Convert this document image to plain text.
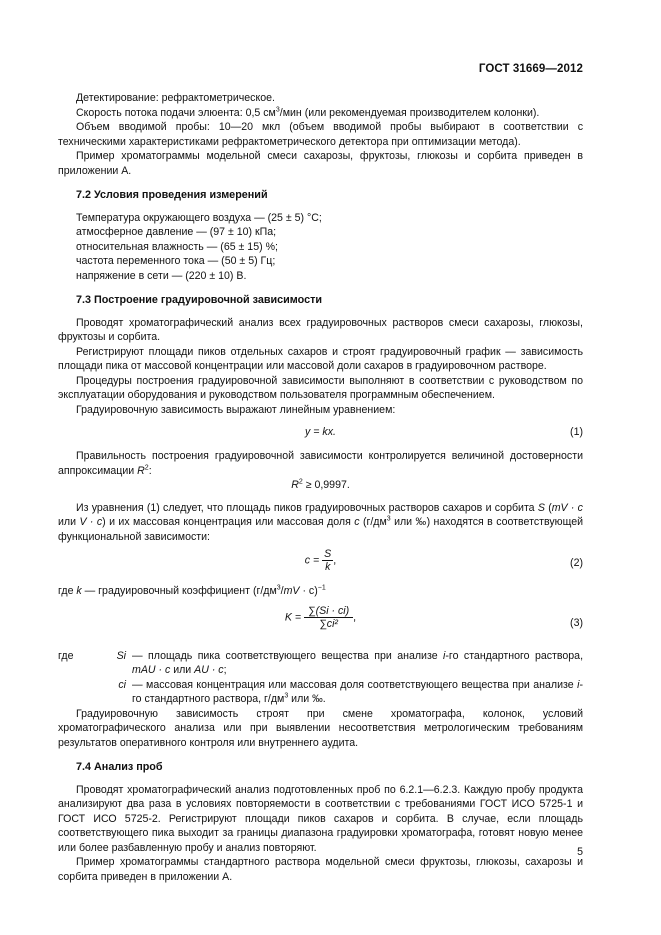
ГОСТ 31669—2012

Детектирование: рефрактометрическое.

Скорость потока подачи элюента: 0,5 $см^3$/мин (или рекомендуемая производителем колонки).

Объем вводимой пробы: 10—20 мкл (объем вводимой пробы выбирают в соответствии с техническими характеристиками рефрактометрического детектора при оптимизации метода).

Пример хроматограммы модельной смеси сахарозы, фруктозы, глюкозы и сорбита приведен в приложении А.

7.2 Условия проведения измерений

Температура окружающего воздуха — (25 ± 5) °С;

атмосферное давление — (97 ± 10) кПа;

относительная влажность — (65 ± 15) %;

частота переменного тока — (50 ± 5) Гц;

напряжение в сети — (220 ± 10) В.

7.3 Построение градуировочной зависимости

Проводят хроматографический анализ всех градуировочных растворов смеси сахарозы, глюкозы, фруктозы и сорбита.

Регистрируют площади пиков отдельных сахаров и строят градуировочный график — зависимость площади пика от массовой концентрации или массовой доли сахаров в градуировочном растворе.

Процедуры построения градуировочной зависимости выполняют в соответствии с руководством по эксплуатации оборудования и руководством пользователя программным обеспечением.

Градуировочную зависимость выражают линейным уравнением:

y = kx.	(1)

Правильность построения градуировочной зависимости контролируется величиной достоверности аппроксимации $R^2$:

$R^2 \ge 0,9997$.

Из уравнения (1) следует, что площадь пиков градуировочных растворов сахаров и сорбита S (mV · c или V · c) и их массовая концентрация или массовая доля c ($г/дм^3$ или ‰) находятся в соответствующей функциональной зависимости:

$c = \frac{S}{k}$ ,	(2)

где k — градуировочный коэффициент $(г/дм^3/mV \cdot c)^{-1}$

$K = \frac{\sum(Si \cdot ci)}{\text{∑ci²}}$ ,	(3)
где	Si — площадь пика соответствующего вещества при анализе i-го стандартного раствора, mAU · c или AU · c;
ci — массовая концентрация или массовая доля соответствующего вещества при анализе i-го стандартного раствора, $г/дм^3$ или ‰.

Градуировочную зависимость строят при смене хроматографа, колонок, условий хроматографического анализа или при выявлении несоответствия метрологическим требованиям результатов оперативного контроля или внутреннего аудита.

7.4 Анализ проб

Проводят хроматографический анализ подготовленных проб по 6.2.1—6.2.3. Каждую пробу продукта анализируют два раза в условиях повторяемости в соответствии с требованиями ГОСТ ИСО 5725-1 и ГОСТ ИСО 5725-2. Регистрируют площади пиков сахаров и сорбита. В случае, если площадь соответствующего пика выходит за границы диапазона градуировки хроматографа, готовят новую менее или более разбавленную пробу и анализ повторяют.

Пример хроматограммы стандартного раствора модельной смеси фруктозы, глюкозы, сахарозы и сорбита приведен в приложении А.

5
